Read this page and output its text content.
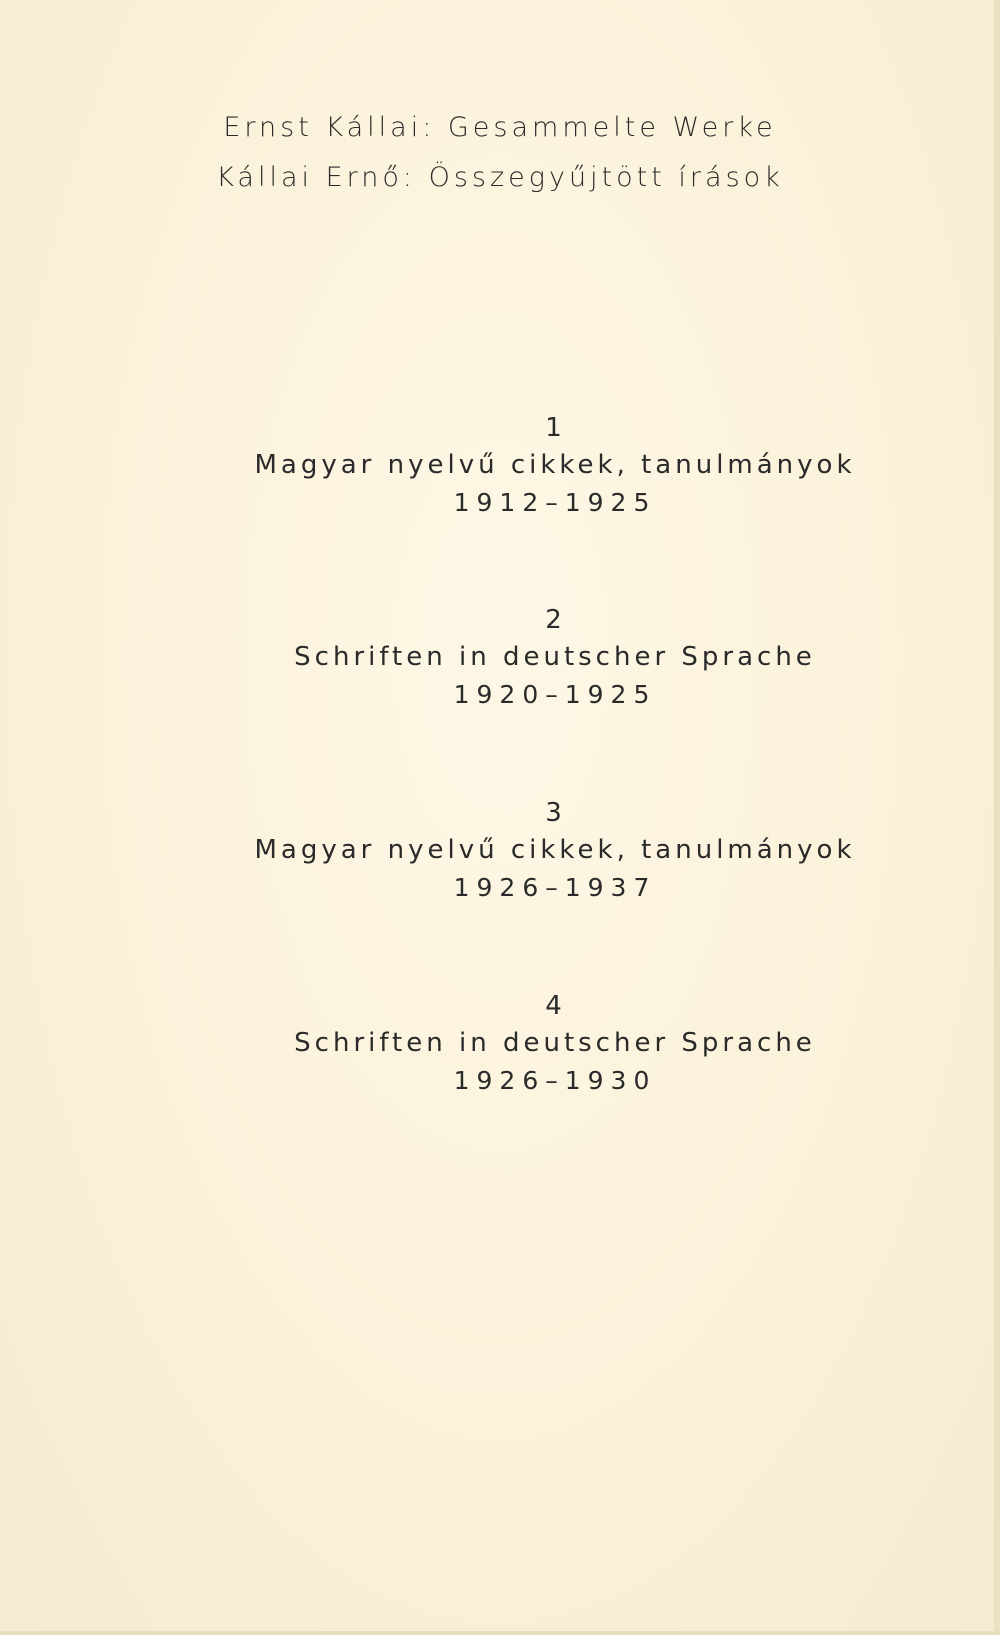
Ernst Kállai: Gesammelte Werke
Kállai Ernő: Összegyűjtött írások
1
Magyar nyelvű cikkek, tanulmányok
1912–1925
2
Schriften in deutscher Sprache
1920–1925
3
Magyar nyelvű cikkek, tanulmányok
1926–1937
4
Schriften in deutscher Sprache
1926–1930
